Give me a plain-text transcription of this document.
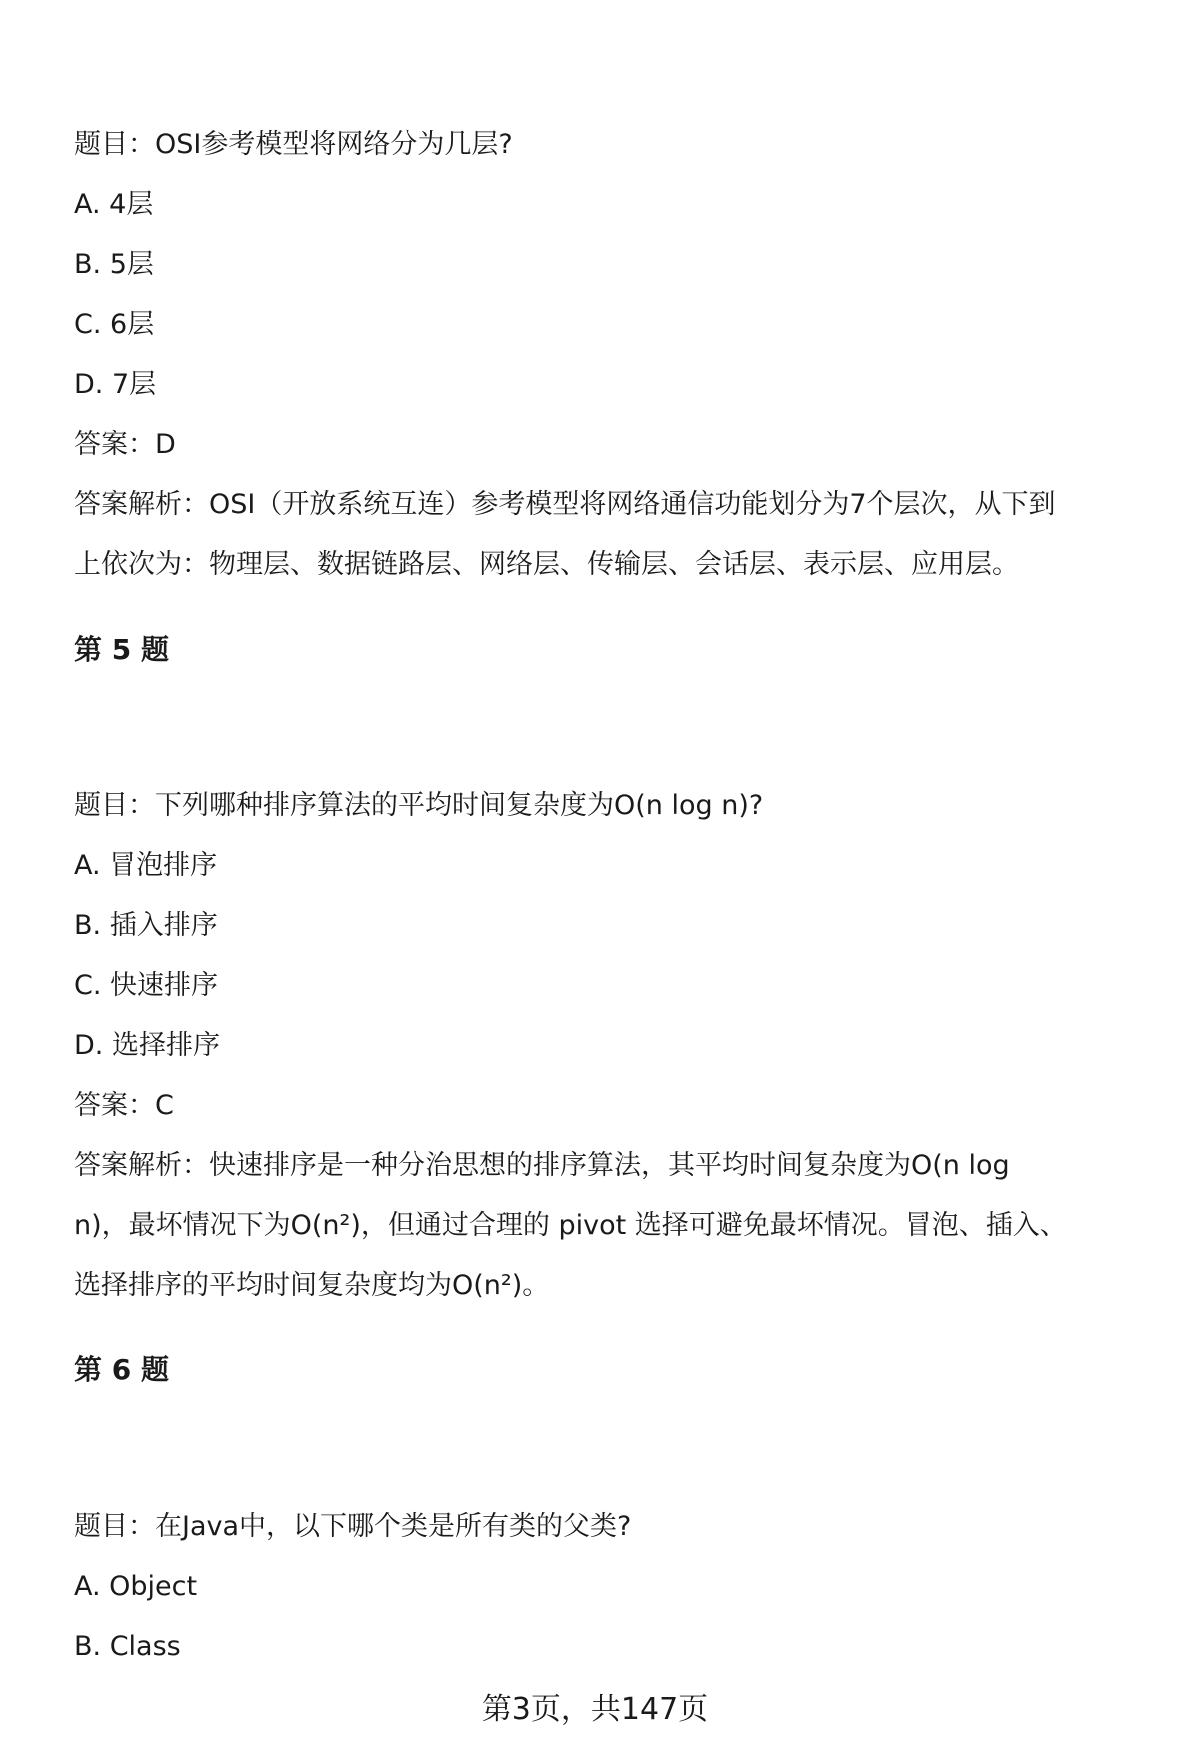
题目：OSI参考模型将网络分为几层?
A. 4层
B. 5层
C. 6层
D. 7层
答案：D
答案解析：OSI（开放系统互连）参考模型将网络通信功能划分为7个层次，从下到
上依次为：物理层、数据链路层、网络层、传输层、会话层、表示层、应用层。
第 5 题
题目：下列哪种排序算法的平均时间复杂度为O(n log n)?
A. 冒泡排序
B. 插入排序
C. 快速排序
D. 选择排序
答案：C
答案解析：快速排序是一种分治思想的排序算法，其平均时间复杂度为O(n log
n)，最坏情况下为O(n²)，但通过合理的 pivot 选择可避免最坏情况。冒泡、插入、
选择排序的平均时间复杂度均为O(n²)。
第 6 题
题目：在Java中，以下哪个类是所有类的父类?
A. Object
B. Class
第3页，共147页
